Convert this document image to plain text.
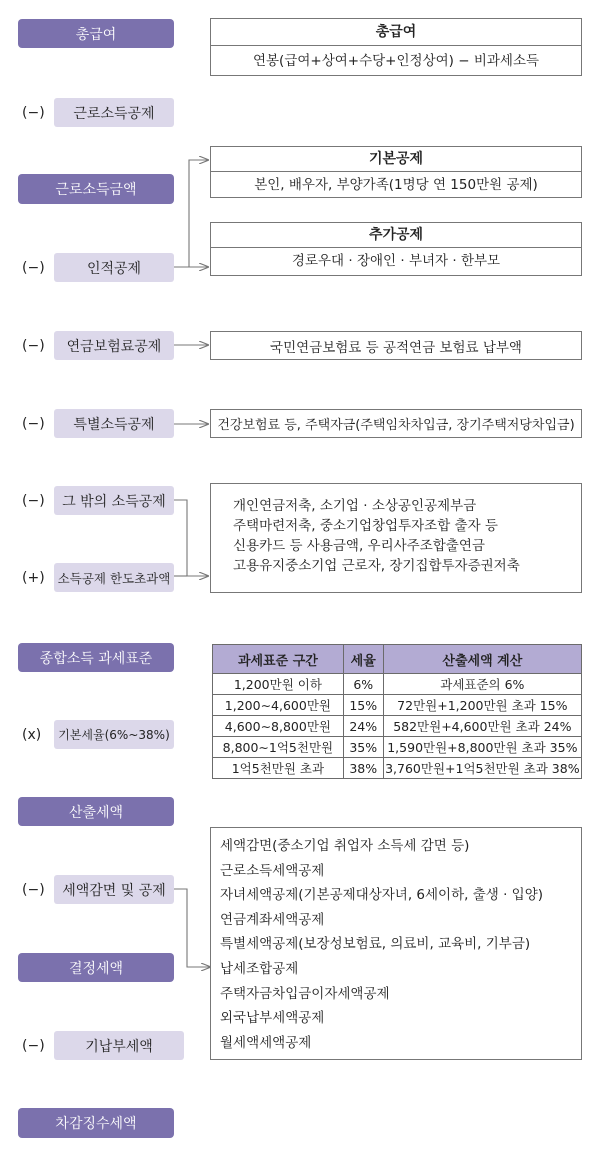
총급여	총급여
연봉(급여+상여+수당+인정상여) − 비과세소득
(−)	근로소득공제
기본공제
본인, 배우자, 부양가족(1명당 연 150만원 공제)
근로소득금액
추가공제
경로우대 · 장애인 · 부녀자 · 한부모
(−)	인적공제
(−)	연금보험료공제	국민연금보험료 등 공적연금 보험료 납부액
(−)	특별소득공제	건강보험료 등, 주택자금(주택임차차입금, 장기주택저당차입금)
(−)	그 밖의 소득공제	개인연금저축, 소기업 · 소상공인공제부금
주택마련저축, 중소기업창업투자조합 출자 등
신용카드 등 사용금액, 우리사주조합출연금
고용유지중소기업 근로자, 장기집합투자증권저축
(+) 소득공제 한도초과액
종합소득 과세표준	과세표준 구간	세율	산출세액 계산
1,200만원 이하	6%	과세표준의 6%
1,200∼4,600만원	15%	72만원+1,200만원 초과 15%
4,600∼8,800만원	24%	582만원+4,600만원 초과 24%
8,800∼1억5천만원	35%	1,590만원+8,800만원 초과 35%
1억5천만원 초과	38%	3,760만원+1억5천만원 초과 38%
(x)	기본세율(6%~38%)
산출세액
세액감면(중소기업 취업자 소득세 감면 등)
근로소득세액공제
자녀세액공제(기본공제대상자녀, 6세이하, 출생 · 입양)
연금계좌세액공제
특별세액공제(보장성보험료, 의료비, 교육비, 기부금)
납세조합공제
주택자금차입금이자세액공제
외국납부세액공제
월세액세액공제
(−)	세액감면 및 공제
결정세액
(−)	기납부세액
차감징수세액
